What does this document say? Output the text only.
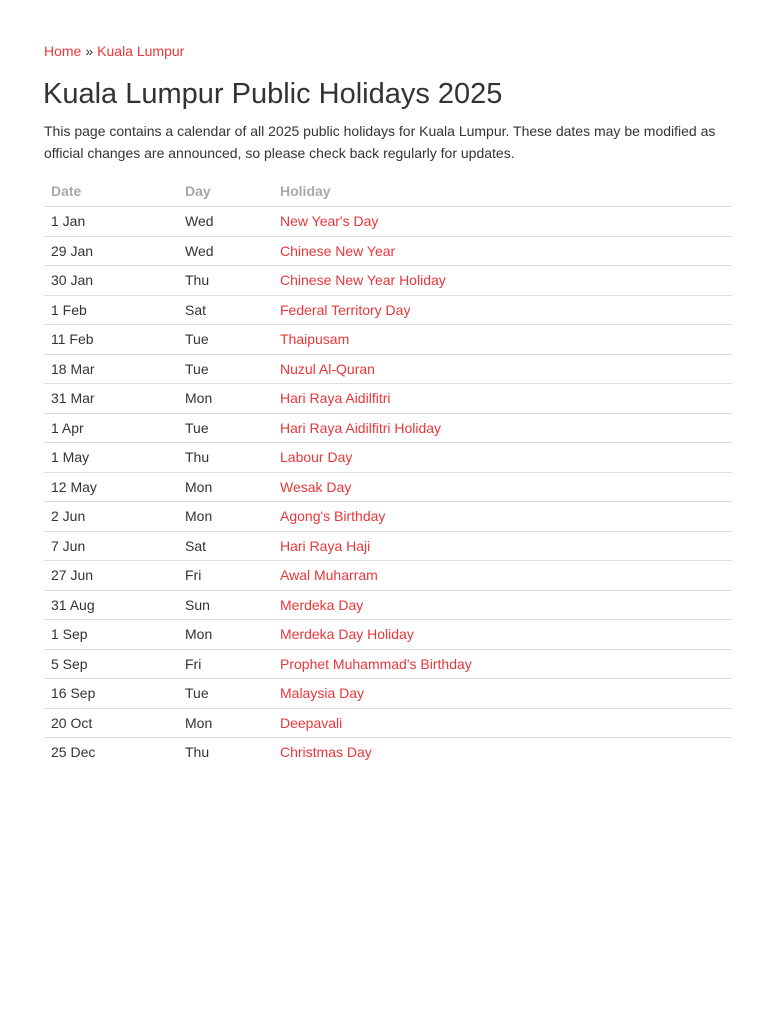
Home » Kuala Lumpur
Kuala Lumpur Public Holidays 2025

This page contains a calendar of all 2025 public holidays for Kuala Lumpur. These dates may be modified as official changes are announced, so please check back regularly for updates.

Date	Day	Holiday
1 Jan	Wed	New Year's Day
29 Jan	Wed	Chinese New Year
30 Jan	Thu	Chinese New Year Holiday
1 Feb	Sat	Federal Territory Day
11 Feb	Tue	Thaipusam
18 Mar	Tue	Nuzul Al-Quran
31 Mar	Mon	Hari Raya Aidilfitri
1 Apr	Tue	Hari Raya Aidilfitri Holiday
1 May	Thu	Labour Day
12 May	Mon	Wesak Day
2 Jun	Mon	Agong's Birthday
7 Jun	Sat	Hari Raya Haji
27 Jun	Fri	Awal Muharram
31 Aug	Sun	Merdeka Day
1 Sep	Mon	Merdeka Day Holiday
5 Sep	Fri	Prophet Muhammad's Birthday
16 Sep	Tue	Malaysia Day
20 Oct	Mon	Deepavali
25 Dec	Thu	Christmas Day
